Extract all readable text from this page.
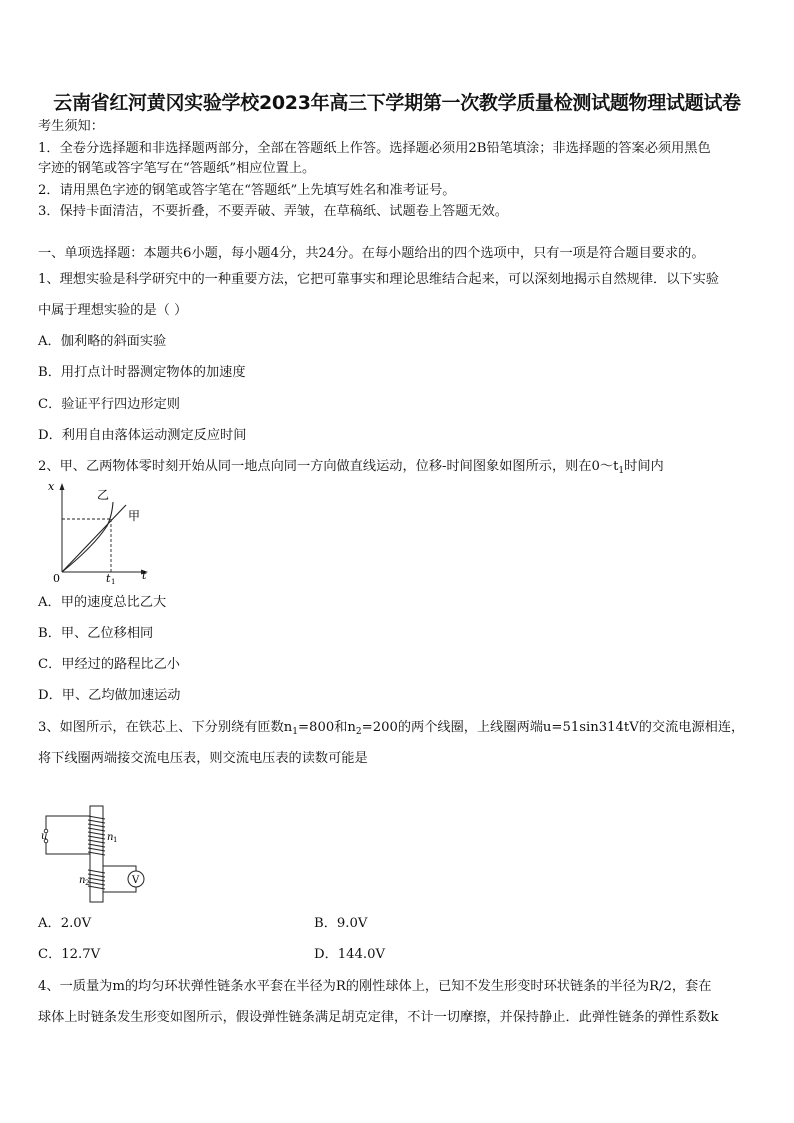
云南省红河黄冈实验学校2023年高三下学期第一次教学质量检测试题物理试题试卷
考生须知：
1．全卷分选择题和非选择题两部分，全部在答题纸上作答。选择题必须用2B铅笔填涂；非选择题的答案必须用黑色
字迹的钢笔或答字笔写在“答题纸”相应位置上。
2．请用黑色字迹的钢笔或答字笔在“答题纸”上先填写姓名和准考证号。
3．保持卡面清洁，不要折叠，不要弄破、弄皱，在草稿纸、试题卷上答题无效。
一、单项选择题：本题共6小题，每小题4分，共24分。在每小题给出的四个选项中，只有一项是符合题目要求的。
1、理想实验是科学研究中的一种重要方法，它把可靠事实和理论思维结合起来，可以深刻地揭示自然规律．以下实验
中属于理想实验的是（ ）
A．伽利略的斜面实验
B．用打点计时器测定物体的加速度
C．验证平行四边形定则
D．利用自由落体运动测定反应时间
2、甲、乙两物体零时刻开始从同一地点向同一方向做直线运动，位移-时间图象如图所示，则在$0\sim t_1$时间内
x
乙
甲
0	t 1 t
A．甲的速度总比乙大
B．甲、乙位移相同
C．甲经过的路程比乙小
D．甲、乙均做加速运动
3、如图所示，在铁芯上、下分别绕有匝数$n_1=800$和$n_2=200$的两个线圈，上线圈两端u=51sin314tV的交流电源相连，
将下线圈两端接交流电压表，则交流电压表的读数可能是
u	n 1
n 2	V
A．2.0V	B．9.0V
C．12.7V	D．144.0V
4、一质量为m的均匀环状弹性链条水平套在半径为R的刚性球体上，已知不发生形变时环状链条的半径为R/2，套在
球体上时链条发生形变如图所示，假设弹性链条满足胡克定律，不计一切摩擦，并保持静止．此弹性链条的弹性系数k
